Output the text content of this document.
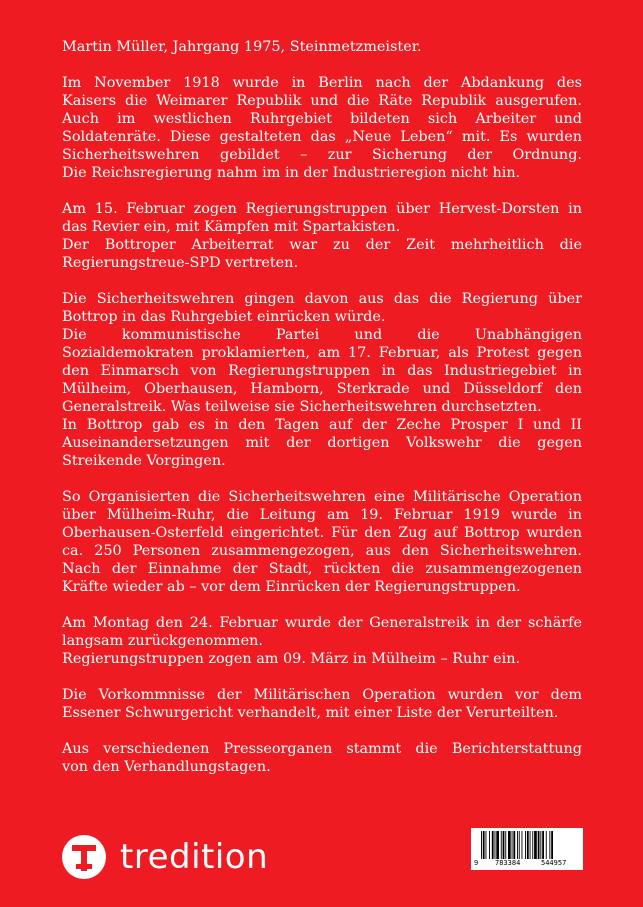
Martin Müller, Jahrgang 1975, Steinmetzmeister.

Im November 1918 wurde in Berlin nach der Abdankung des
Kaisers die Weimarer Republik und die Räte Republik ausgerufen.
Auch im westlichen Ruhrgebiet bildeten sich Arbeiter und
Soldatenräte. Diese gestalteten das „Neue Leben“ mit. Es wurden
Sicherheitswehren gebildet – zur Sicherung der Ordnung.
Die Reichsregierung nahm im in der Industrieregion nicht hin.

Am 15. Februar zogen Regierungstruppen über Hervest-Dorsten in
das Revier ein, mit Kämpfen mit Spartakisten.
Der Bottroper Arbeiterrat war zu der Zeit mehrheitlich die
Regierungstreue-SPD vertreten.

Die Sicherheitswehren gingen davon aus das die Regierung über
Bottrop in das Ruhrgebiet einrücken würde.
Die kommunistische Partei und die Unabhängigen
Sozialdemokraten proklamierten, am 17. Februar, als Protest gegen
den Einmarsch von Regierungstruppen in das Industriegebiet in
Mülheim, Oberhausen, Hamborn, Sterkrade und Düsseldorf den
Generalstreik. Was teilweise sie Sicherheitswehren durchsetzten.
In Bottrop gab es in den Tagen auf der Zeche Prosper I und II
Auseinandersetzungen mit der dortigen Volkswehr die gegen
Streikende Vorgingen.

So Organisierten die Sicherheitswehren eine Militärische Operation
über Mülheim-Ruhr, die Leitung am 19. Februar 1919 wurde in
Oberhausen-Osterfeld eingerichtet. Für den Zug auf Bottrop wurden
ca. 250 Personen zusammengezogen, aus den Sicherheitswehren.
Nach der Einnahme der Stadt, rückten die zusammengezogenen
Kräfte wieder ab – vor dem Einrücken der Regierungstruppen.

Am Montag den 24. Februar wurde der Generalstreik in der schärfe
langsam zurückgenommen.
Regierungstruppen zogen am 09. März in Mülheim – Ruhr ein.

Die Vorkommnisse der Militärischen Operation wurden vor dem
Essener Schwurgericht verhandelt, mit einer Liste der Verurteilten.

Aus verschiedenen Presseorganen stammt die Berichterstattung
von den Verhandlungstagen.

tredition	9 783384	544957
